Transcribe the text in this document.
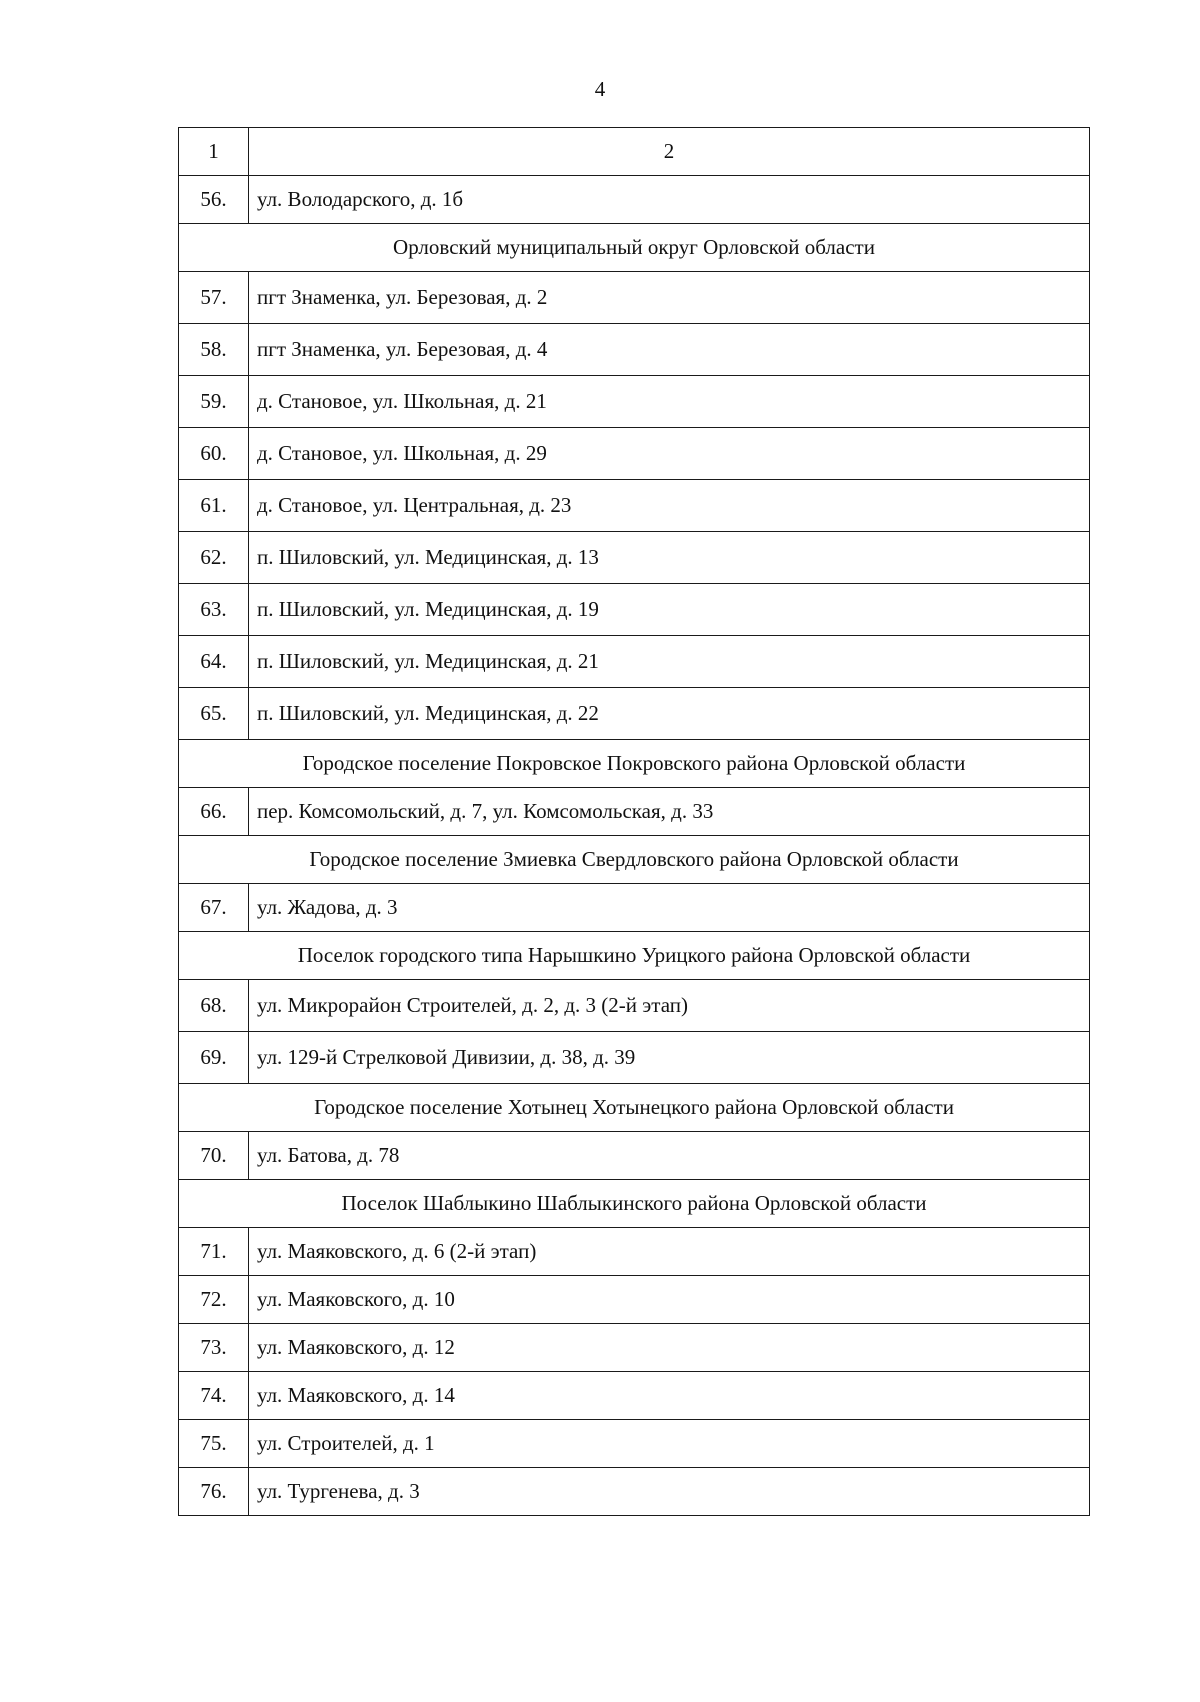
4
1	2
56.	ул. Володарского, д. 1б
Орловский муниципальный округ Орловской области	
57.	пгт Знаменка, ул. Березовая, д. 2
58.	пгт Знаменка, ул. Березовая, д. 4
59.	д. Становое, ул. Школьная, д. 21
60.	д. Становое, ул. Школьная, д. 29
61.	д. Становое, ул. Центральная, д. 23
62.	п. Шиловский, ул. Медицинская, д. 13
63.	п. Шиловский, ул. Медицинская, д. 19
64.	п. Шиловский, ул. Медицинская, д. 21
65.	п. Шиловский, ул. Медицинская, д. 22
Городское поселение Покровское Покровского района Орловской области	
66.	пер. Комсомольский, д. 7, ул. Комсомольская, д. 33
Городское поселение Змиевка Свердловского района Орловской области	
67.	ул. Жадова, д. 3
Поселок городского типа Нарышкино Урицкого района Орловской области	
68.	ул. Микрорайон Строителей, д. 2, д. 3 (2-й этап)
69.	ул. 129-й Стрелковой Дивизии, д. 38, д. 39
Городское поселение Хотынец Хотынецкого района Орловской области	
70.	ул. Батова, д. 78
Поселок Шаблыкино Шаблыкинского района Орловской области	
71.	ул. Маяковского, д. 6 (2-й этап)
72.	ул. Маяковского, д. 10
73.	ул. Маяковского, д. 12
74.	ул. Маяковского, д. 14
75.	ул. Строителей, д. 1
76.	ул. Тургенева, д. 3
